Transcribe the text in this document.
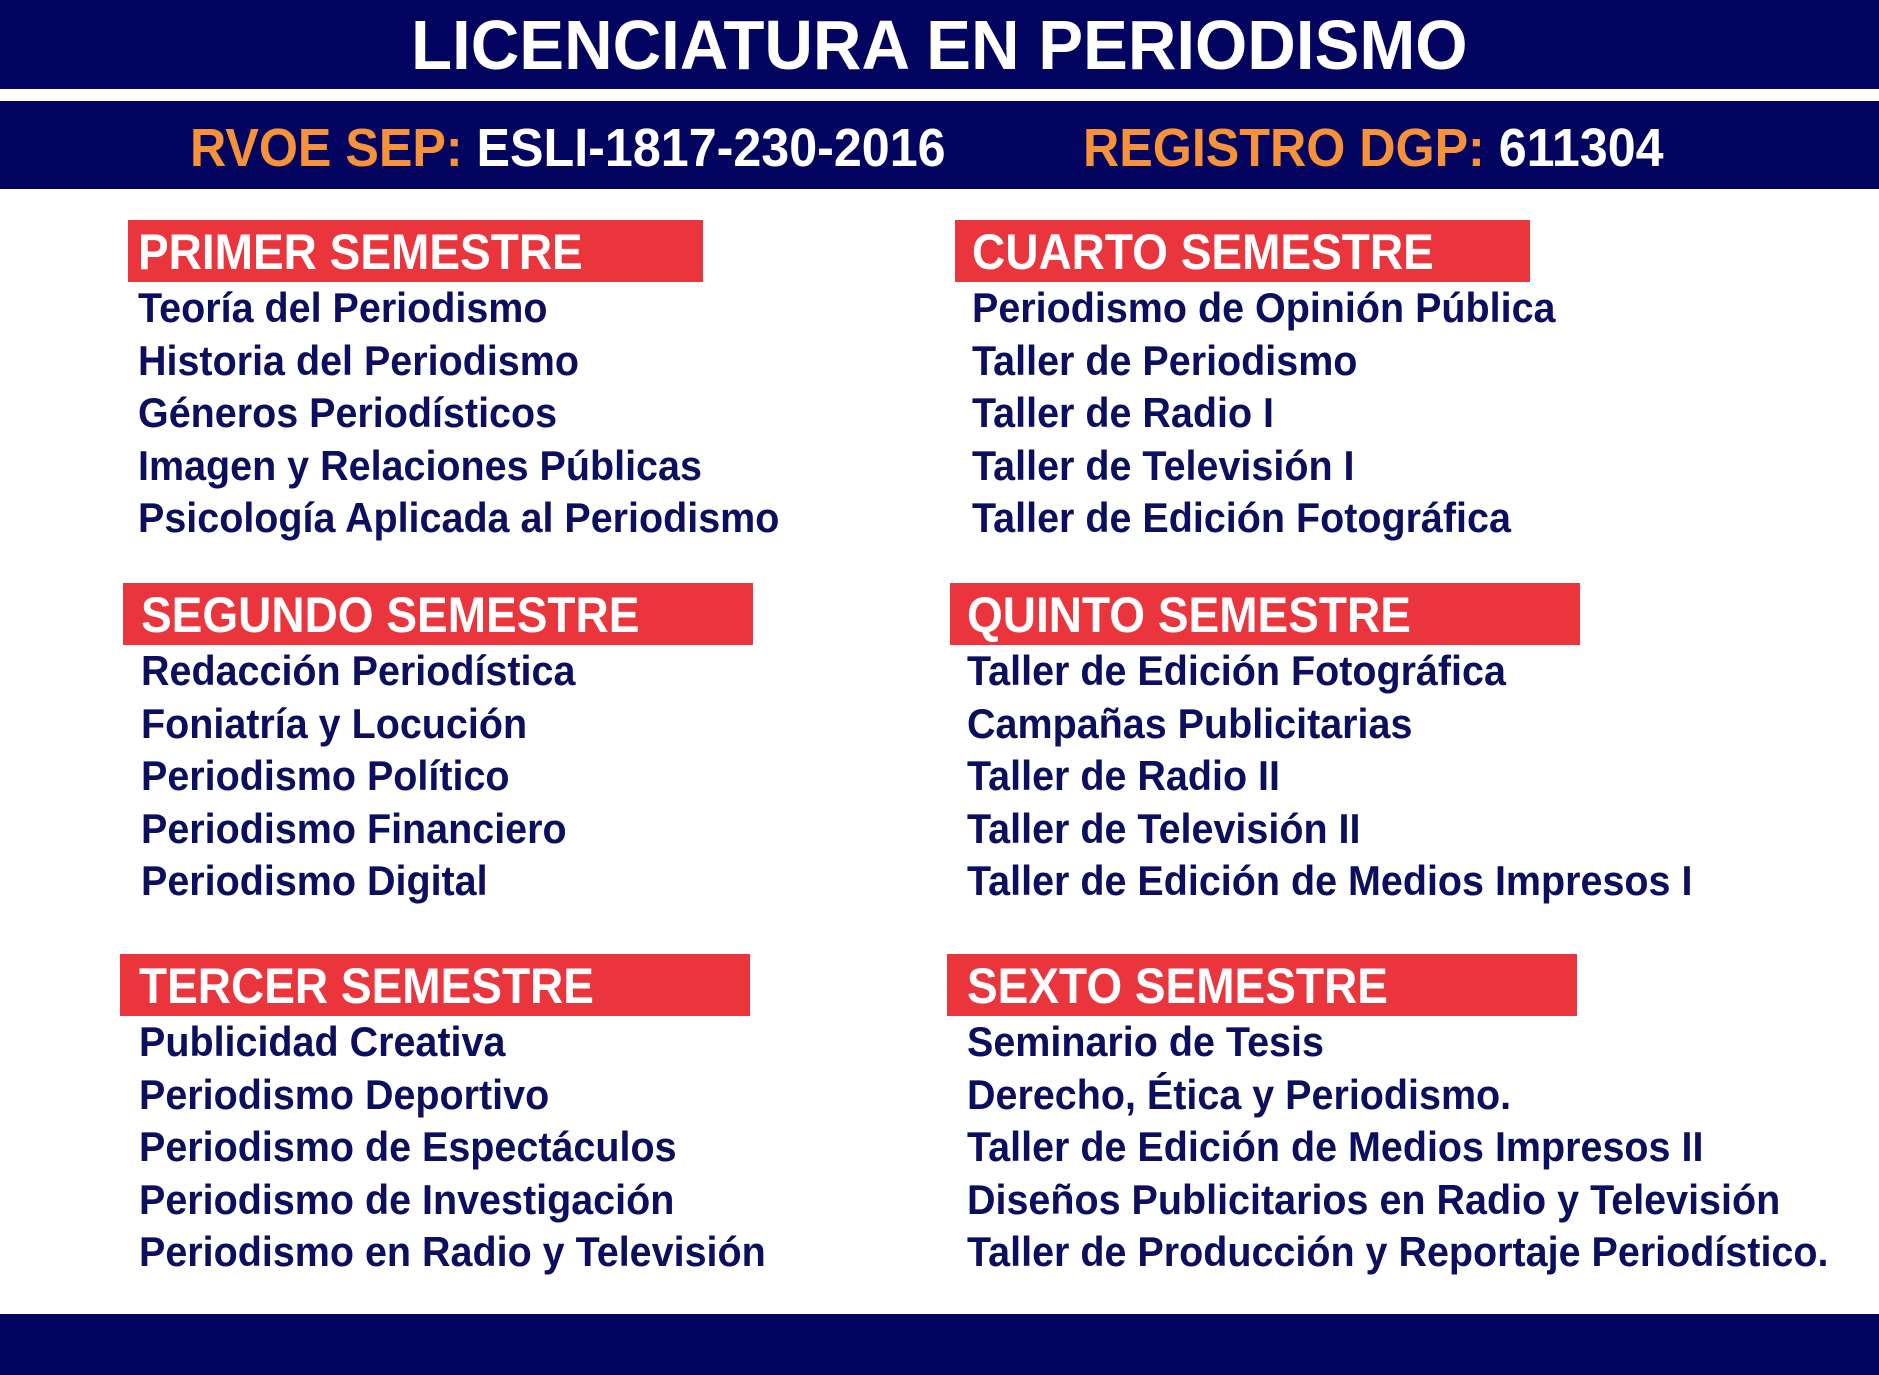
LICENCIATURA EN PERIODISMO
RVOE SEP: ESLI-1817-230-2016	REGISTRO DGP: 611304
PRIMER SEMESTRE
Teoría del Periodismo
Historia del Periodismo
Géneros Periodísticos
Imagen y Relaciones Públicas
Psicología Aplicada al Periodismo
SEGUNDO SEMESTRE
Redacción Periodística
Foniatría y Locución
Periodismo Político
Periodismo Financiero
Periodismo Digital
TERCER SEMESTRE
Publicidad Creativa
Periodismo Deportivo
Periodismo de Espectáculos
Periodismo de Investigación
Periodismo en Radio y Televisión
CUARTO SEMESTRE
Periodismo de Opinión Pública
Taller de Periodismo
Taller de Radio I
Taller de Televisión I
Taller de Edición Fotográfica
QUINTO SEMESTRE
Taller de Edición Fotográfica
Campañas Publicitarias
Taller de Radio II
Taller de Televisión II
Taller de Edición de Medios Impresos I
SEXTO SEMESTRE
Seminario de Tesis
Derecho, Ética y Periodismo.
Taller de Edición de Medios Impresos II
Diseños Publicitarios en Radio y Televisión
Taller de Producción y Reportaje Periodístico.
